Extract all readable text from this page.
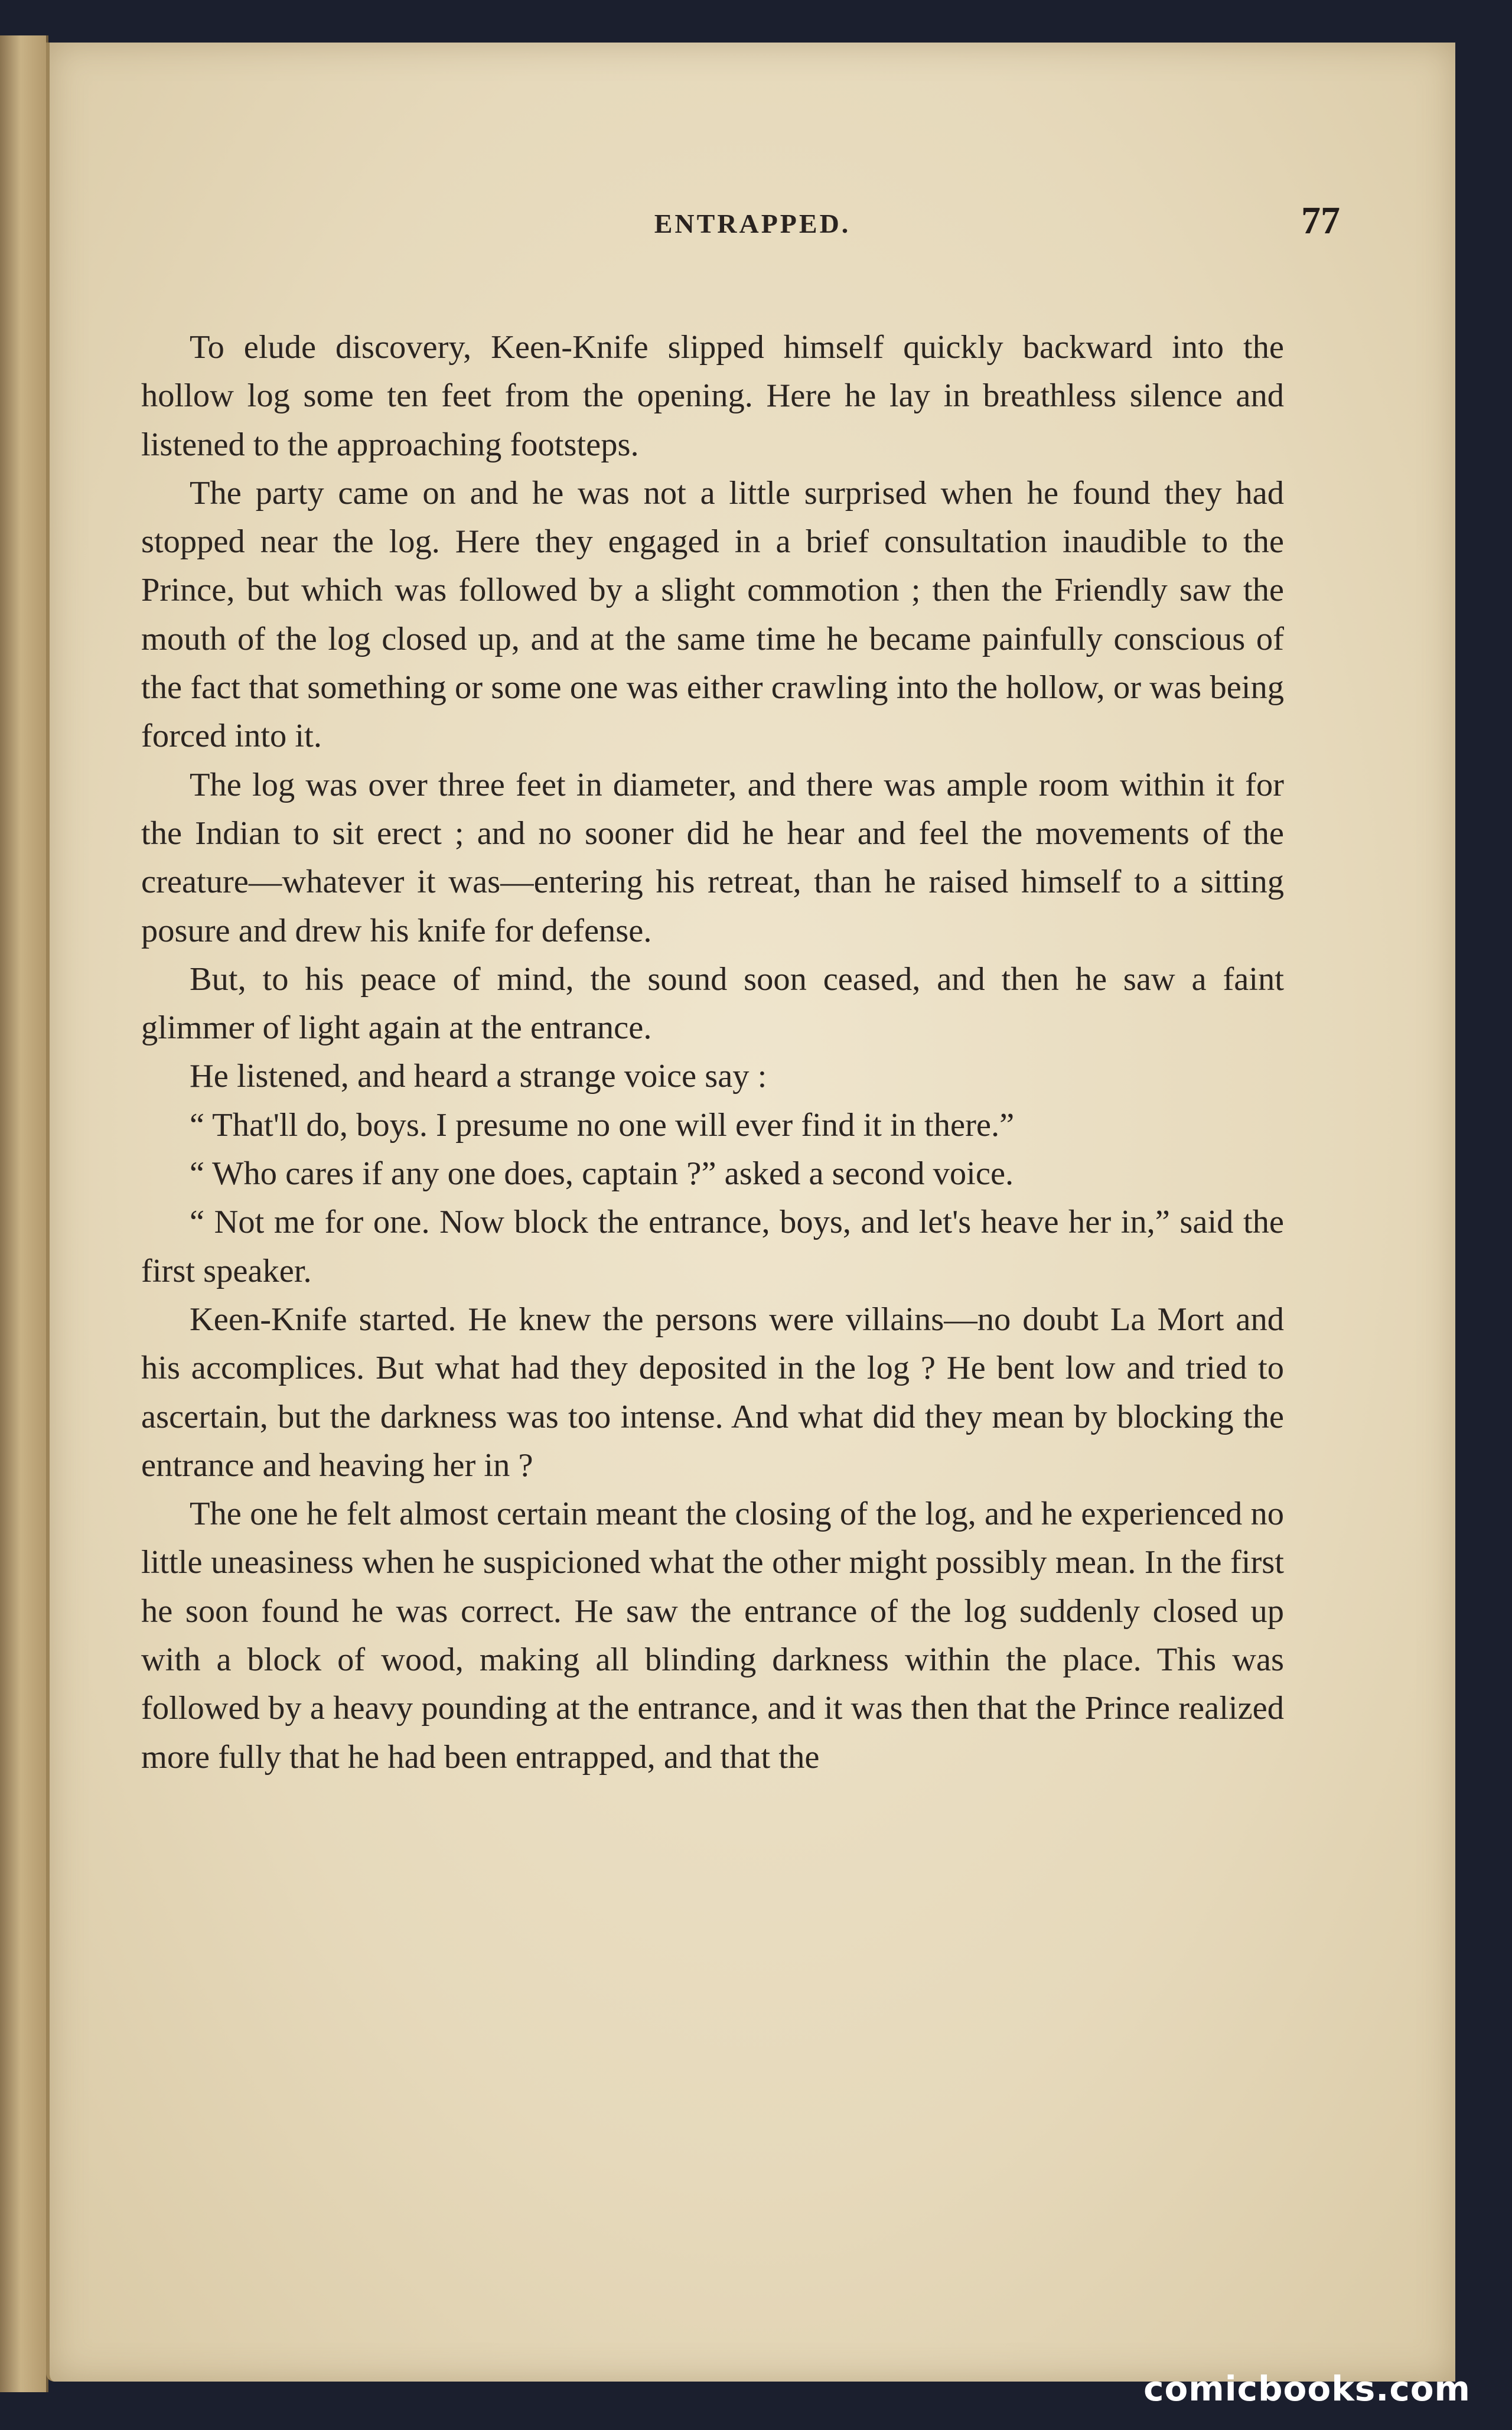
ENTRAPPED.	77

To elude discovery, Keen-Knife slipped himself quickly backward into the hollow log some ten feet from the opening. Here he lay in breathless silence and listened to the approaching footsteps.

The party came on and he was not a little surprised when he found they had stopped near the log. Here they engaged in a brief consultation inaudible to the Prince, but which was followed by a slight commotion ; then the Friendly saw the mouth of the log closed up, and at the same time he became painfully conscious of the fact that something or some one was either crawling into the hollow, or was being forced into it.

The log was over three feet in diameter, and there was ample room within it for the Indian to sit erect ; and no sooner did he hear and feel the movements of the creature—whatever it was—entering his retreat, than he raised himself to a sitting posure and drew his knife for defense.

But, to his peace of mind, the sound soon ceased, and then he saw a faint glimmer of light again at the entrance.

He listened, and heard a strange voice say :

“ That'll do, boys. I presume no one will ever find it in there.”

“ Who cares if any one does, captain ?” asked a second voice.

“ Not me for one. Now block the entrance, boys, and let's heave her in,” said the first speaker.

Keen-Knife started. He knew the persons were villains—no doubt La Mort and his accomplices. But what had they deposited in the log ? He bent low and tried to ascertain, but the darkness was too intense. And what did they mean by blocking the entrance and heaving her in ?

The one he felt almost certain meant the closing of the log, and he experienced no little uneasiness when he suspicioned what the other might possibly mean. In the first he soon found he was correct. He saw the entrance of the log suddenly closed up with a block of wood, making all blinding darkness within the place. This was followed by a heavy pounding at the entrance, and it was then that the Prince realized more fully that he had been entrapped, and that the

comicbooks.com
